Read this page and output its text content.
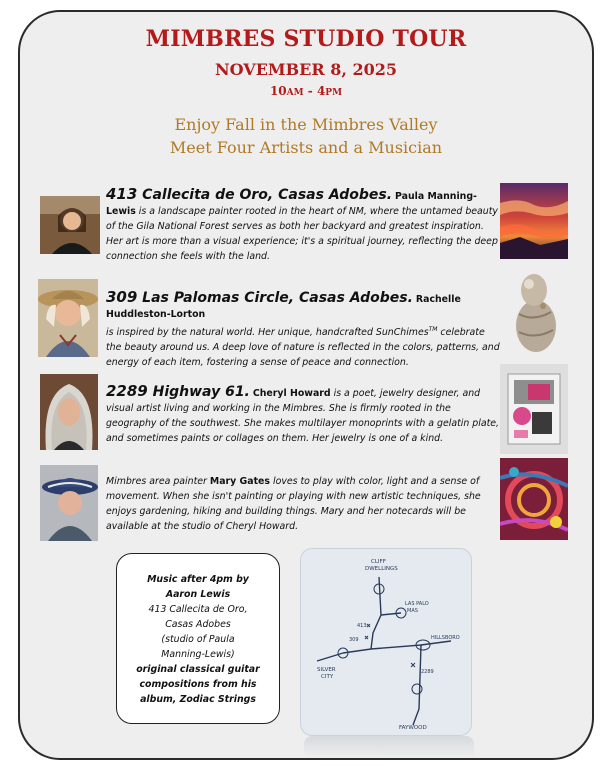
MIMBRES STUDIO TOUR
NOVEMBER 8, 2025
10AM - 4PM
Enjoy Fall in the Mimbres Valley
Meet Four Artists and a Musician
413 Callecita de Oro, Casas Adobes. Paula Manning-Lewis is a landscape painter rooted in the heart of NM, where the untamed beauty of the Gila National Forest serves as both her backyard and greatest inspiration. Her art is more than a visual experience; it's a spiritual journey, reflecting the deep connection she feels with the land.
309 Las Palomas Circle, Casas Adobes. Rachelle Huddleston-Lorton
is inspired by the natural world. Her unique, handcrafted SunChimes™ celebrate the beauty around us. A deep love of nature is reflected in the colors, patterns, and energy of each item, fostering a sense of peace and connection.
2289 Highway 61. Cheryl Howard is a poet, jewelry designer, and visual artist living and working in the Mimbres. She is firmly rooted in the geography of the southwest. She makes multilayer monoprints with a gelatin plate, and sometimes paints or collages on them. Her jewelry is one of a kind.
Mimbres area painter Mary Gates loves to play with color, light and a sense of movement. When she isn't painting or playing with new artistic techniques, she enjoys gardening, hiking and building things. Mary and her notecards will be available at the studio of Cheryl Howard.
Music after 4pm by
Aaron Lewis
413 Callecita de Oro,
Casas Adobes
(studio of Paula
Manning-Lewis)
original classical guitar
compositions from his
album, Zodiac Strings
CLIFF
DWELLINGS
LAS PALO
MAS
413
309	HILLSBORO
SILVER
CITY
2289
FAYWOOD
